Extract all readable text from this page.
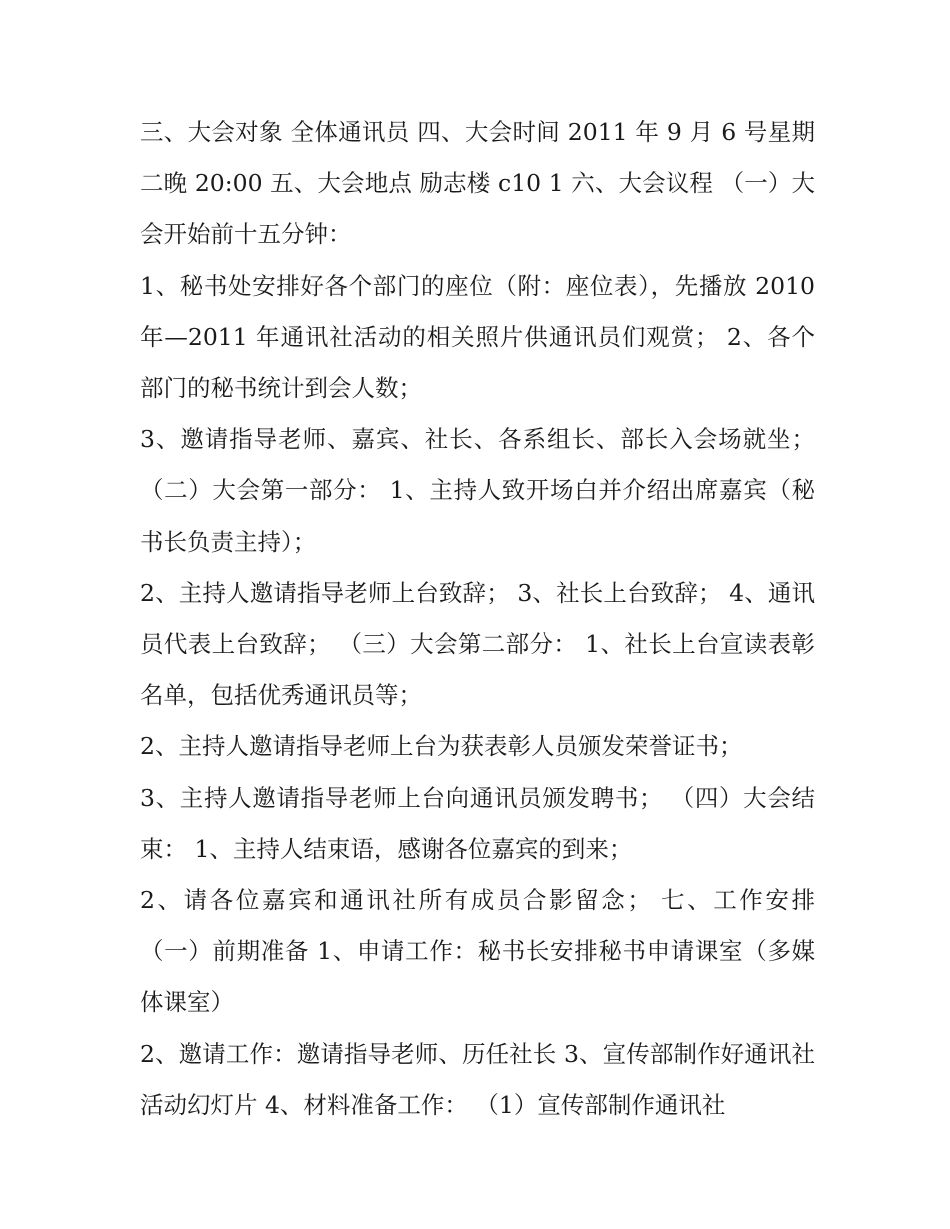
三、大会对象 全体通讯员 四、大会时间 2011 年 9 月 6 号星期二晚 20:00 五、大会地点 励志楼 c10 1 六、大会议程 （一）大会开始前十五分钟：

1、秘书处安排好各个部门的座位（附：座位表），先播放 2010 年—2011 年通讯社活动的相关照片供通讯员们观赏； 2、各个部门的秘书统计到会人数；

3、邀请指导老师、嘉宾、社长、各系组长、部长入会场就坐； （二）大会第一部分： 1、主持人致开场白并介绍出席嘉宾（秘书长负责主持）；

2、主持人邀请指导老师上台致辞； 3、社长上台致辞； 4、通讯员代表上台致辞； （三）大会第二部分： 1、社长上台宣读表彰名单，包括优秀通讯员等；

2、主持人邀请指导老师上台为获表彰人员颁发荣誉证书；

3、主持人邀请指导老师上台向通讯员颁发聘书； （四）大会结束： 1、主持人结束语，感谢各位嘉宾的到来；

2、请各位嘉宾和通讯社所有成员合影留念； 七、工作安排 （一）前期准备 1、申请工作：秘书长安排秘书申请课室（多媒体课室）

2、邀请工作：邀请指导老师、历任社长 3、宣传部制作好通讯社活动幻灯片 4、材料准备工作： （1）宣传部制作通讯社
